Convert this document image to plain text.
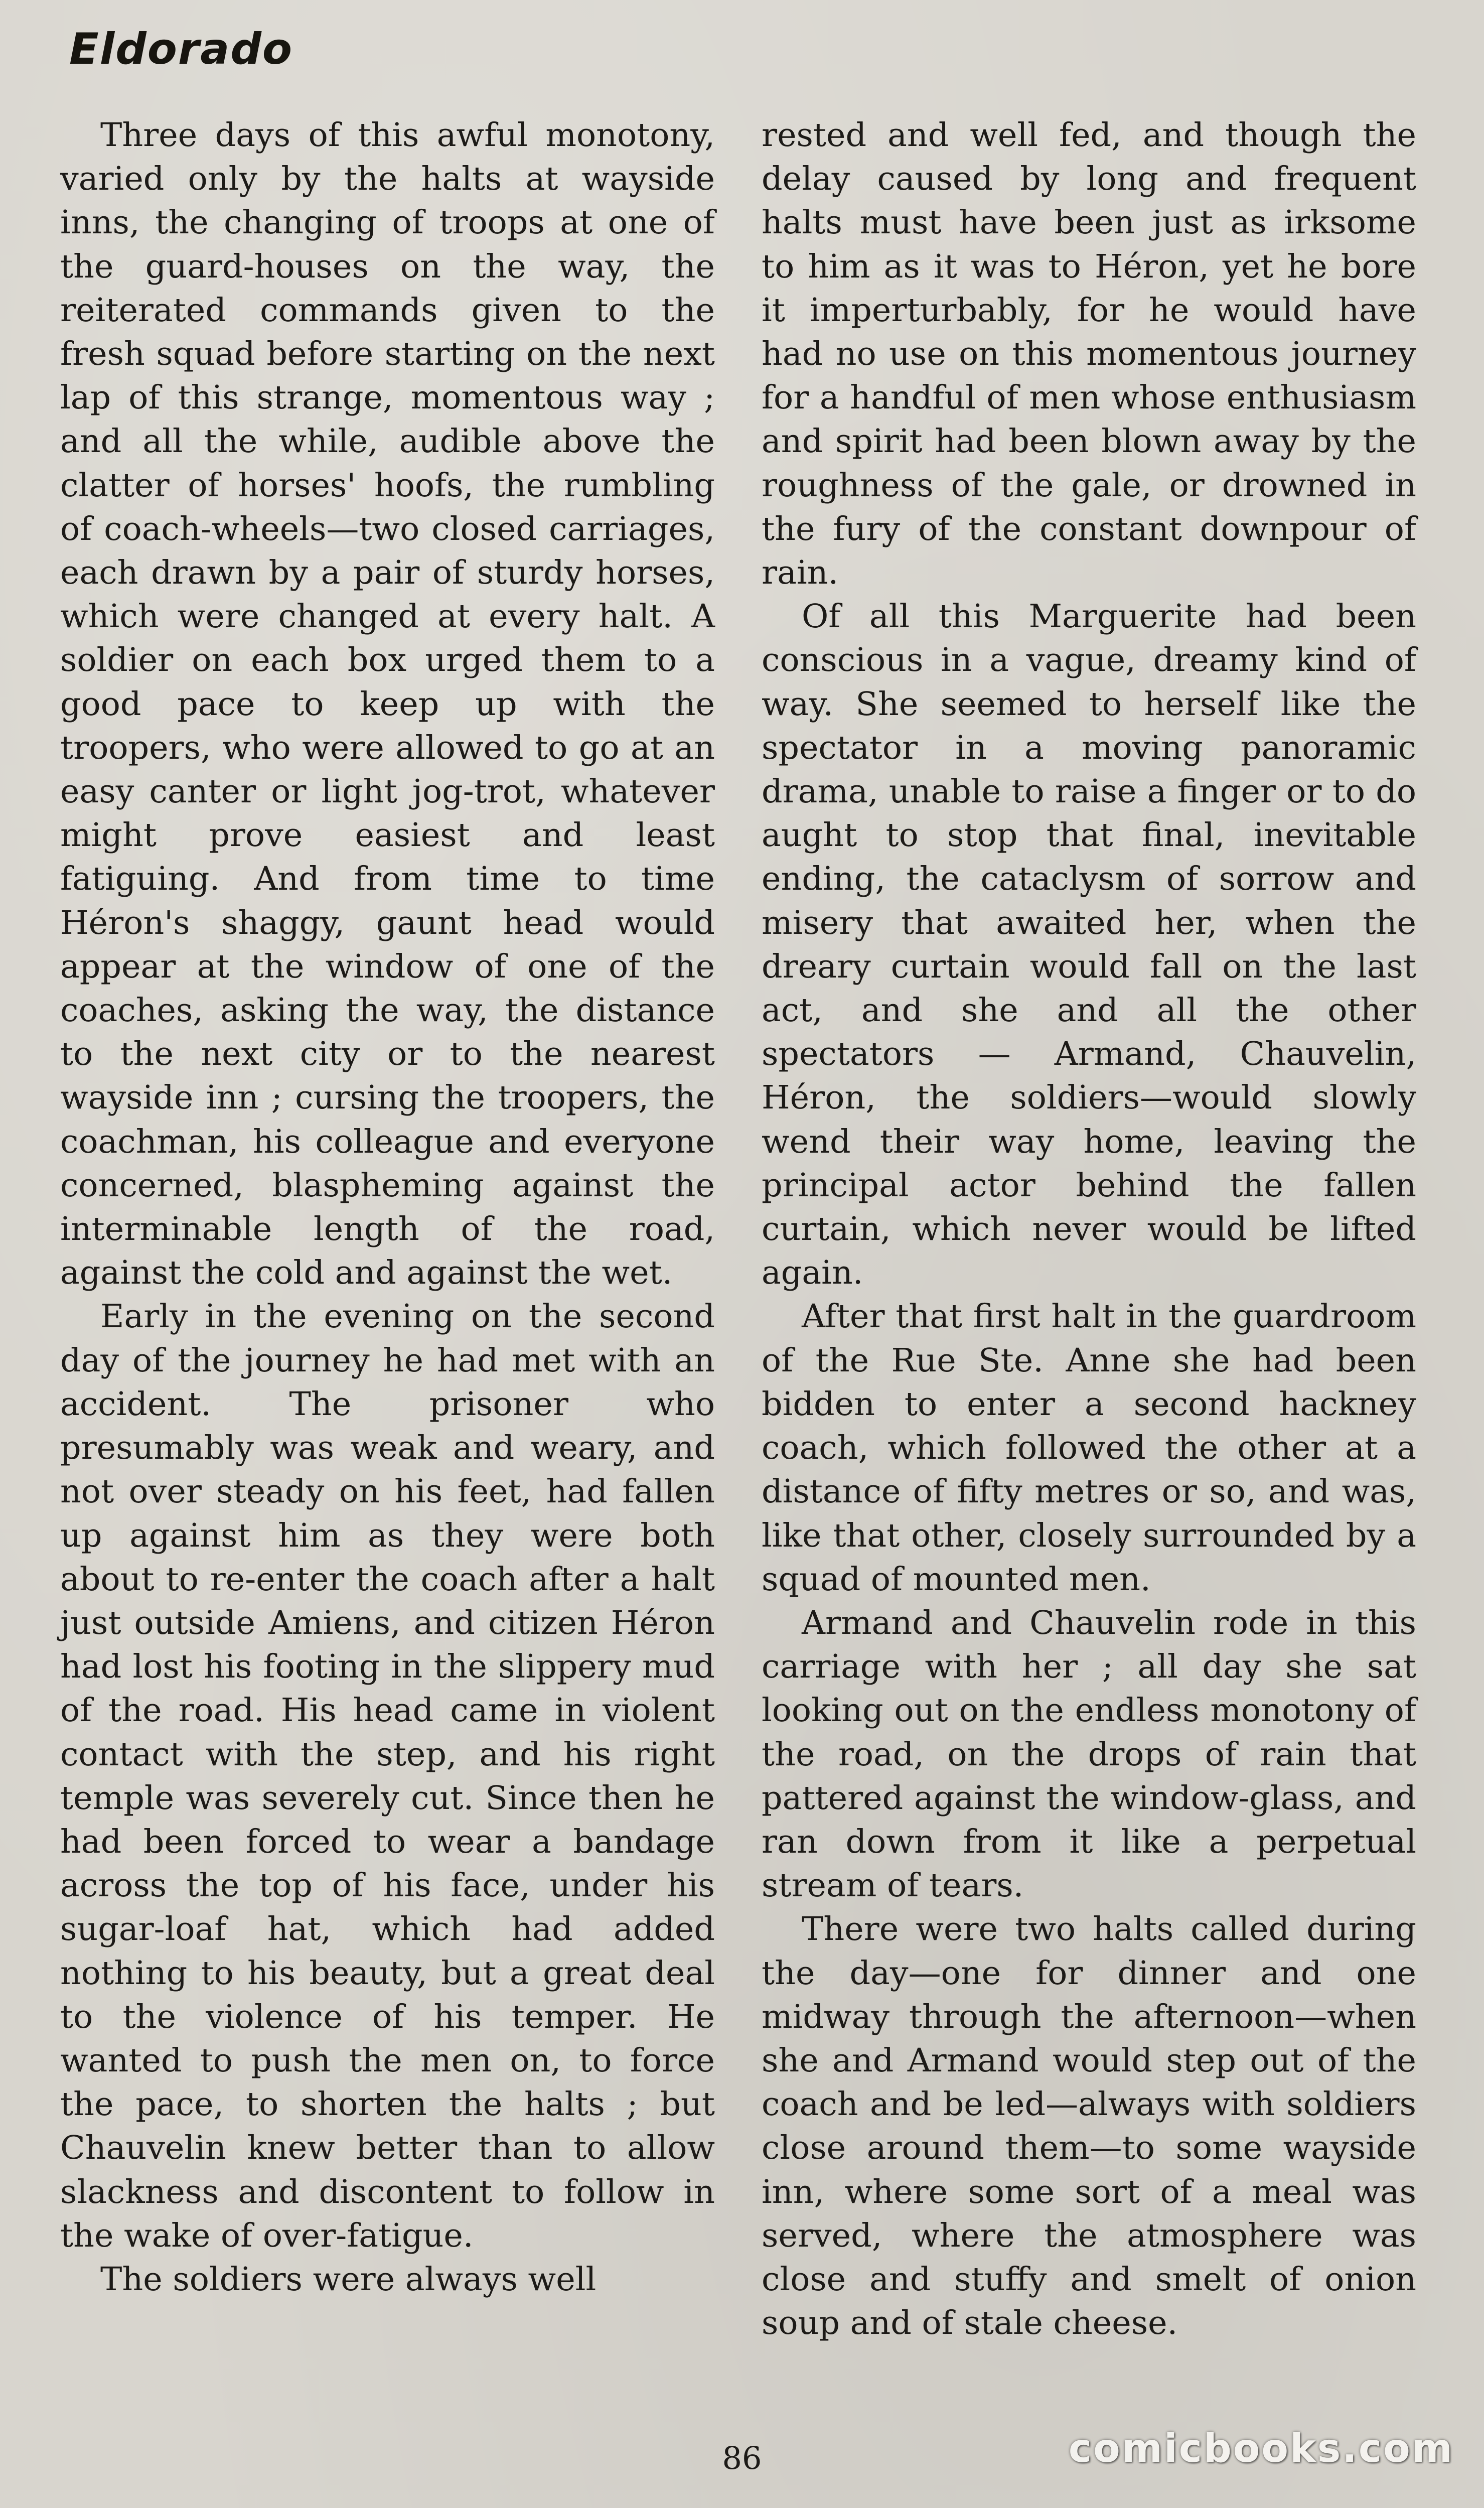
Eldorado

Three days of this awful monotony, varied only by the halts at wayside inns, the changing of troops at one of the guard-houses on the way, the reiterated commands given to the fresh squad before starting on the next lap of this strange, momentous way ; and all the while, audible above the clatter of horses' hoofs, the rumbling of coach-wheels—two closed carriages, each drawn by a pair of sturdy horses, which were changed at every halt. A soldier on each box urged them to a good pace to keep up with the troopers, who were allowed to go at an easy canter or light jog-trot, whatever might prove easiest and least fatiguing. And from time to time Héron's shaggy, gaunt head would appear at the window of one of the coaches, asking the way, the distance to the next city or to the nearest wayside inn ; cursing the troopers, the coachman, his colleague and everyone concerned, blaspheming against the interminable length of the road, against the cold and against the wet.

Early in the evening on the second day of the journey he had met with an accident. The prisoner who presumably was weak and weary, and not over steady on his feet, had fallen up against him as they were both about to re-enter the coach after a halt just outside Amiens, and citizen Héron had lost his footing in the slippery mud of the road. His head came in violent contact with the step, and his right temple was severely cut. Since then he had been forced to wear a bandage across the top of his face, under his sugar-loaf hat, which had added nothing to his beauty, but a great deal to the violence of his temper. He wanted to push the men on, to force the pace, to shorten the halts ; but Chauvelin knew better than to allow slackness and discontent to follow in the wake of over-fatigue.

The soldiers were always well

rested and well fed, and though the delay caused by long and frequent halts must have been just as irksome to him as it was to Héron, yet he bore it imperturbably, for he would have had no use on this momentous journey for a handful of men whose enthusiasm and spirit had been blown away by the roughness of the gale, or drowned in the fury of the constant downpour of rain.

Of all this Marguerite had been conscious in a vague, dreamy kind of way. She seemed to herself like the spectator in a moving panoramic drama, unable to raise a finger or to do aught to stop that final, inevitable ending, the cataclysm of sorrow and misery that awaited her, when the dreary curtain would fall on the last act, and she and all the other spectators — Armand, Chauvelin, Héron, the soldiers—would slowly wend their way home, leaving the principal actor behind the fallen curtain, which never would be lifted again.

After that first halt in the guardroom of the Rue Ste. Anne she had been bidden to enter a second hackney coach, which followed the other at a distance of fifty metres or so, and was, like that other, closely surrounded by a squad of mounted men.

Armand and Chauvelin rode in this carriage with her ; all day she sat looking out on the endless monotony of the road, on the drops of rain that pattered against the window-glass, and ran down from it like a perpetual stream of tears.

There were two halts called during the day—one for dinner and one midway through the afternoon—when she and Armand would step out of the coach and be led—always with soldiers close around them—to some wayside inn, where some sort of a meal was served, where the atmosphere was close and stuffy and smelt of onion soup and of stale cheese.

86	comicbooks.com
